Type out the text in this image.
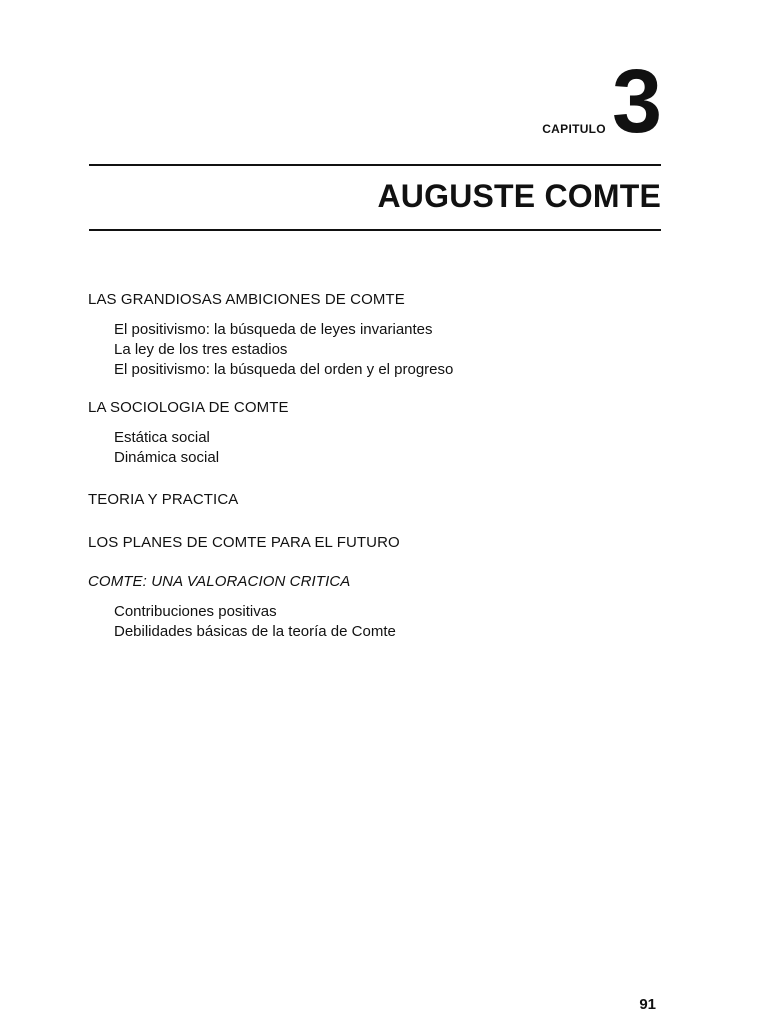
CAPITULO 3
AUGUSTE COMTE

LAS GRANDIOSAS AMBICIONES DE COMTE

El positivismo: la búsqueda de leyes invariantes
La ley de los tres estadios
El positivismo: la búsqueda del orden y el progreso

LA SOCIOLOGIA DE COMTE

Estática social
Dinámica social

TEORIA Y PRACTICA

LOS PLANES DE COMTE PARA EL FUTURO

COMTE: UNA VALORACION CRITICA

Contribuciones positivas
Debilidades básicas de la teoría de Comte
91
